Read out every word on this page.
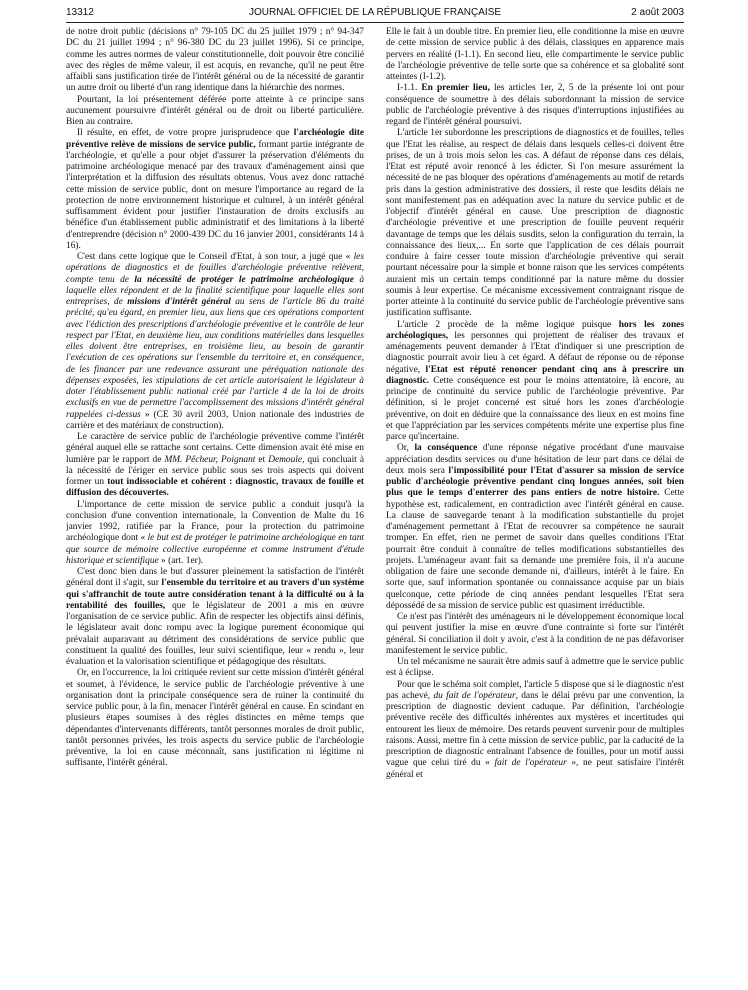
13312	JOURNAL OFFICIEL DE LA RÉPUBLIQUE FRANÇAISE	2 août 2003

de notre droit public (décisions n° 79-105 DC du 25 juillet 1979 ; n° 94-347 DC du 21 juillet 1994 ; n° 96-380 DC du 23 juillet 1996). Si ce principe, comme les autres normes de valeur constitutionnelle, doit pouvoir être concilié avec des règles de même valeur, il est acquis, en revanche, qu'il ne peut être affaibli sans justification tirée de l'intérêt général ou de la nécessité de garantir un autre droit ou liberté d'un rang identique dans la hiérarchie des normes.

Pourtant, la loi présentement déférée porte atteinte à ce principe sans aucunement poursuivre d'intérêt général ou de droit ou liberté particulière. Bien au contraire.

Il résulte, en effet, de votre propre jurisprudence que l'archéologie dite préventive relève de missions de service public, formant partie intégrante de l'archéologie, et qu'elle a pour objet d'assurer la préservation d'éléments du patrimoine archéologique menacé par des travaux d'aménagement ainsi que l'interprétation et la diffusion des résultats obtenus. Vous avez donc rattaché cette mission de service public, dont on mesure l'importance au regard de la protection de notre environnement historique et culturel, à un intérêt général suffisamment évident pour justifier l'instauration de droits exclusifs au bénéfice d'un établissement public administratif et des limitations à la liberté d'entreprendre (décision n° 2000-439 DC du 16 janvier 2001, considérants 14 à 16).

C'est dans cette logique que le Conseil d'Etat, à son tour, a jugé que « les opérations de diagnostics et de fouilles d'archéologie préventive relèvent, compte tenu de la nécessité de protéger le patrimoine archéologique à laquelle elles répondent et de la finalité scientifique pour laquelle elles sont entreprises, de missions d'intérêt général au sens de l'article 86 du traité précité, qu'eu égard, en premier lieu, aux liens que ces opérations comportent avec l'édiction des prescriptions d'archéologie préventive et le contrôle de leur respect par l'Etat, en deuxième lieu, aux conditions matérielles dans lesquelles elles doivent être entreprises, en troisième lieu, au besoin de garantir l'exécution de ces opérations sur l'ensemble du territoire et, en conséquence, de les financer par une redevance assurant une péréquation nationale des dépenses exposées, les stipulations de cet article autorisaient le législateur à doter l'établissement public national créé par l'article 4 de la loi de droits exclusifs en vue de permettre l'accomplissement des missions d'intérêt général rappelées ci-dessus » (CE 30 avril 2003, Union nationale des industries de carrière et des matériaux de construction).

Le caractère de service public de l'archéologie préventive comme l'intérêt général auquel elle se rattache sont certains. Cette dimension avait été mise en lumière par le rapport de MM. Pêcheur, Poignant et Demoule, qui concluait à la nécessité de l'ériger en service public sous ses trois aspects qui doivent former un tout indissociable et cohérent : diagnostic, travaux de fouille et diffusion des découvertes.

L'importance de cette mission de service public a conduit jusqu'à la conclusion d'une convention internationale, la Convention de Malte du 16 janvier 1992, ratifiée par la France, pour la protection du patrimoine archéologique dont « le but est de protéger le patrimoine archéologique en tant que source de mémoire collective européenne et comme instrument d'étude historique et scientifique » (art. 1er).

C'est donc bien dans le but d'assurer pleinement la satisfaction de l'intérêt général dont il s'agit, sur l'ensemble du territoire et au travers d'un système qui s'affranchit de toute autre considération tenant à la difficulté ou à la rentabilité des fouilles, que le législateur de 2001 a mis en œuvre l'organisation de ce service public. Afin de respecter les objectifs ainsi définis, le législateur avait donc rompu avec la logique purement économique qui prévalait auparavant au détriment des considérations de service public que constituent la qualité des fouilles, leur suivi scientifique, leur « rendu », leur évaluation et la valorisation scientifique et pédagogique des résultats.

Or, en l'occurrence, la loi critiquée revient sur cette mission d'intérêt général et soumet, à l'évidence, le service public de l'archéologie préventive à une organisation dont la principale conséquence sera de ruiner la continuité du service public pour, à la fin, menacer l'intérêt général en cause. En scindant en plusieurs étapes soumises à des règles distinctes en même temps que dépendantes d'intervenants différents, tantôt personnes morales de droit public, tantôt personnes privées, les trois aspects du service public de l'archéologie préventive, la loi en cause méconnaît, sans justification ni légitime ni suffisante, l'intérêt général.

Elle le fait à un double titre. En premier lieu, elle conditionne la mise en œuvre de cette mission de service public à des délais, classiques en apparence mais pervers en réalité (I-1.1). En second lieu, elle compartimente le service public de l'archéologie préventive de telle sorte que sa cohérence et sa globalité sont atteintes (I-1.2).

I-1.1. En premier lieu, les articles 1er, 2, 5 de la présente loi ont pour conséquence de soumettre à des délais subordonnant la mission de service public de l'archéologie préventive à des risques d'interruptions injustifiées au regard de l'intérêt général poursuivi.

L'article 1er subordonne les prescriptions de diagnostics et de fouilles, telles que l'Etat les réalise, au respect de délais dans lesquels celles-ci doivent être prises, de un à trois mois selon les cas. A défaut de réponse dans ces délais, l'Etat est réputé avoir renoncé à les édicter. Si l'on mesure assurément la nécessité de ne pas bloquer des opérations d'aménagements au motif de retards pris dans la gestion administrative des dossiers, il reste que lesdits délais ne sont manifestement pas en adéquation avec la nature du service public et de l'objectif d'intérêt général en cause. Une prescription de diagnostic d'archéologie préventive et une prescription de fouille peuvent requérir davantage de temps que les délais susdits, selon la configuration du terrain, la connaissance des lieux,... En sorte que l'application de ces délais pourrait conduire à faire cesser toute mission d'archéologie préventive qui serait pourtant nécessaire pour la simple et bonne raison que les services compétents auraient mis un certain temps conditionné par la nature même du dossier soumis à leur expertise. Ce mécanisme excessivement contraignant risque de porter atteinte à la continuité du service public de l'archéologie préventive sans justification suffisante.

L'article 2 procède de la même logique puisque hors les zones archéologiques, les personnes qui projettent de réaliser des travaux et aménagements peuvent demander à l'Etat d'indiquer si une prescription de diagnostic pourrait avoir lieu à cet égard. A défaut de réponse ou de réponse négative, l'Etat est réputé renoncer pendant cinq ans à prescrire un diagnostic. Cette conséquence est pour le moins attentatoire, là encore, au principe de continuité du service public de l'archéologie préventive. Par définition, si le projet concerné est situé hors les zones d'archéologie préventive, on doit en déduire que la connaissance des lieux en est moins fine et que l'appréciation par les services compétents mérite une expertise plus fine parce qu'incertaine.

Or, la conséquence d'une réponse négative procédant d'une mauvaise appréciation desdits services ou d'une hésitation de leur part dans ce délai de deux mois sera l'impossibilité pour l'Etat d'assurer sa mission de service public d'archéologie préventive pendant cinq longues années, soit bien plus que le temps d'enterrer des pans entiers de notre histoire. Cette hypothèse est, radicalement, en contradiction avec l'intérêt général en cause. La clause de sauvegarde tenant à la modification substantielle du projet d'aménagement permettant à l'Etat de recouvrer sa compétence ne saurait tromper. En effet, rien ne permet de savoir dans quelles conditions l'Etat pourrait être conduit à connaître de telles modifications substantielles des projets. L'aménageur avant fait sa demande une première fois, il n'a aucune obligation de faire une seconde demande ni, d'ailleurs, intérêt à le faire. En sorte que, sauf information spontanée ou connaissance acquise par un biais quelconque, cette période de cinq années pendant lesquelles l'Etat sera dépossédé de sa mission de service public est quasiment irréductible.

Ce n'est pas l'intérêt des aménageurs ni le développement économique local qui peuvent justifier la mise en œuvre d'une contrainte si forte sur l'intérêt général. Si conciliation il doit y avoir, c'est à la condition de ne pas défavoriser manifestement le service public.

Un tel mécanisme ne saurait être admis sauf à admettre que le service public est à éclipse.

Pour que le schéma soit complet, l'article 5 dispose que si le diagnostic n'est pas achevé, du fait de l'opérateur, dans le délai prévu par une convention, la prescription de diagnostic devient caduque. Par définition, l'archéologie préventive recèle des difficultés inhérentes aux mystères et incertitudes qui entourent les lieux de mémoire. Des retards peuvent survenir pour de multiples raisons. Aussi, mettre fin à cette mission de service public, par la caducité de la prescription de diagnostic entraînant l'absence de fouilles, pour un motif aussi vague que celui tiré du « fait de l'opérateur », ne peut satisfaire l'intérêt général et
